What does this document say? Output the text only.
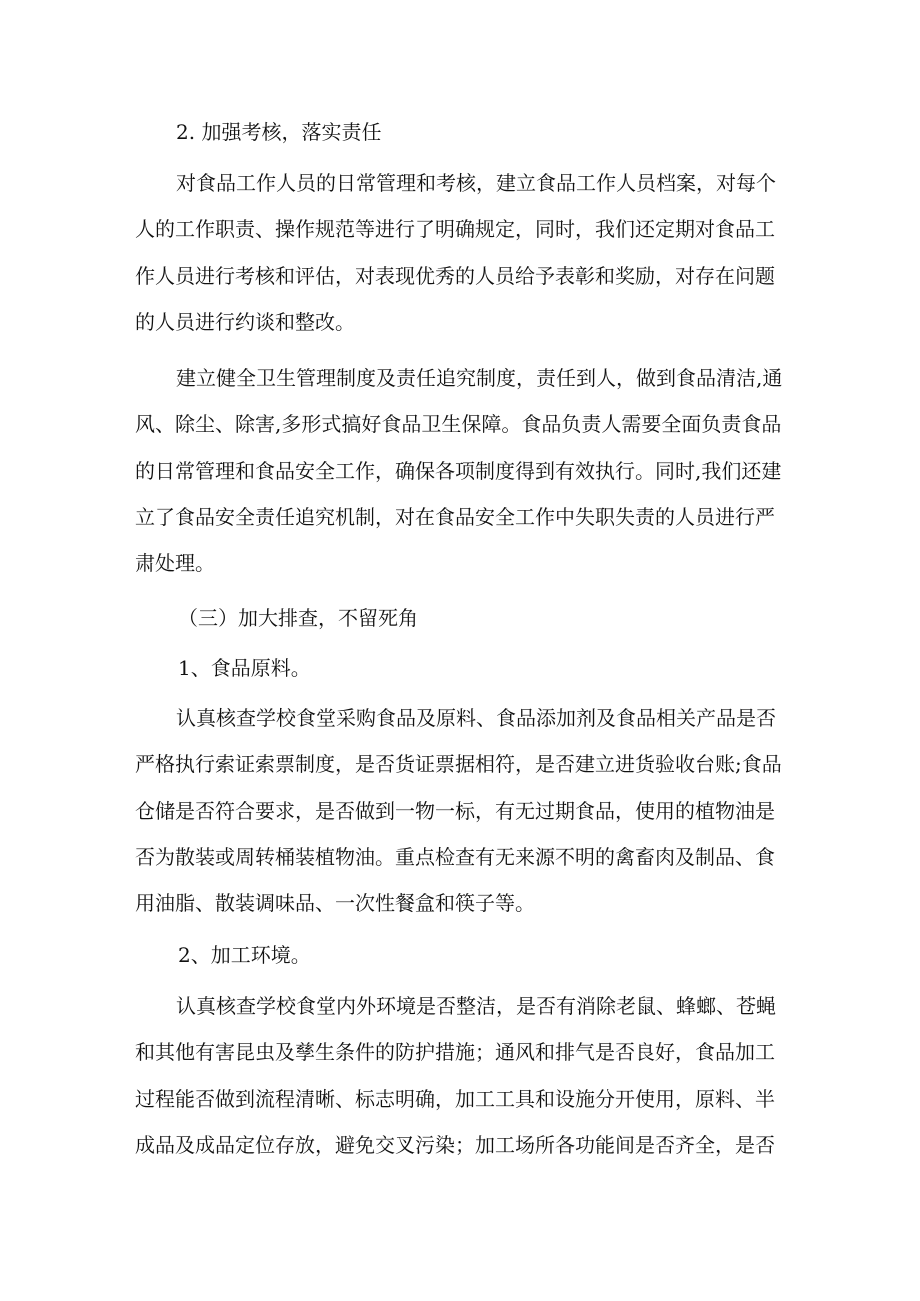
2. 加强考核，落实责任

对食品工作人员的日常管理和考核，建立食品工作人员档案，对每个
人的工作职责、操作规范等进行了明确规定，同时，我们还定期对食品工
作人员进行考核和评估，对表现优秀的人员给予表彰和奖励，对存在问题
的人员进行约谈和整改。

建立健全卫生管理制度及责任追究制度，责任到人，做到食品清洁,通
风、除尘、除害,多形式搞好食品卫生保障。食品负责人需要全面负责食品
的日常管理和食品安全工作，确保各项制度得到有效执行。同时,我们还建
立了食品安全责任追究机制，对在食品安全工作中失职失责的人员进行严
肃处理。

（三）加大排查，不留死角
1、食品原料。

认真核查学校食堂采购食品及原料、食品添加剂及食品相关产品是否
严格执行索证索票制度，是否货证票据相符，是否建立进货验收台账;食品
仓储是否符合要求，是否做到一物一标，有无过期食品，使用的植物油是
否为散装或周转桶装植物油。重点检查有无来源不明的禽畜肉及制品、食
用油脂、散装调味品、一次性餐盒和筷子等。

2、加工环境。

认真核查学校食堂内外环境是否整洁，是否有消除老鼠、蜂螂、苍蝇
和其他有害昆虫及孳生条件的防护措施；通风和排气是否良好，食品加工
过程能否做到流程清晰、标志明确，加工工具和设施分开使用，原料、半
成品及成品定位存放，避免交叉污染；加工场所各功能间是否齐全，是否
